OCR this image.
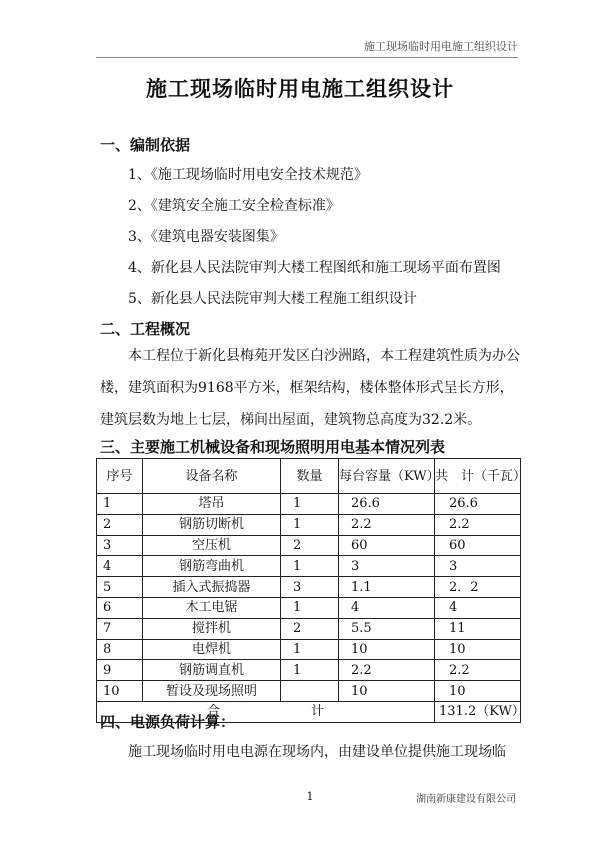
施工现场临时用电施工组织设计
施工现场临时用电施工组织设计
一、编制依据
1、《施工现场临时用电安全技术规范》
2、《建筑安全施工安全检查标准》
3、《建筑电器安装图集》
4、新化县人民法院审判大楼工程图纸和施工现场平面布置图
5、新化县人民法院审判大楼工程施工组织设计
二、工程概况
本工程位于新化县梅苑开发区白沙洲路，本工程建筑性质为办公楼，建筑面积为9168平方米，框架结构，楼体整体形式呈长方形，建筑层数为地上七层，梯间出屋面，建筑物总高度为32.2米。
三、主要施工机械设备和现场照明用电基本情况列表
序号	设备名称	数量	每台容量（KW）	共　计（千瓦）
1	塔吊	1	26.6	26.6
2	钢筋切断机	1	2.2	2.2
3	空压机	2	60	60
4	钢筋弯曲机	1	3	3
5	插入式振捣器	3	1.1	2．2
6	木工电锯	1	4	4
7	搅拌机	2	5.5	11
8	电焊机	1	10	10
9	钢筋调直机	1	2.2	2.2
10	暂设及现场照明		10	10
合　　　　　　　计				131.2（KW）
四、电源负荷计算：
施工现场临时用电电源在现场内，由建设单位提供施工现场临
1	湖南新康建设有限公司
